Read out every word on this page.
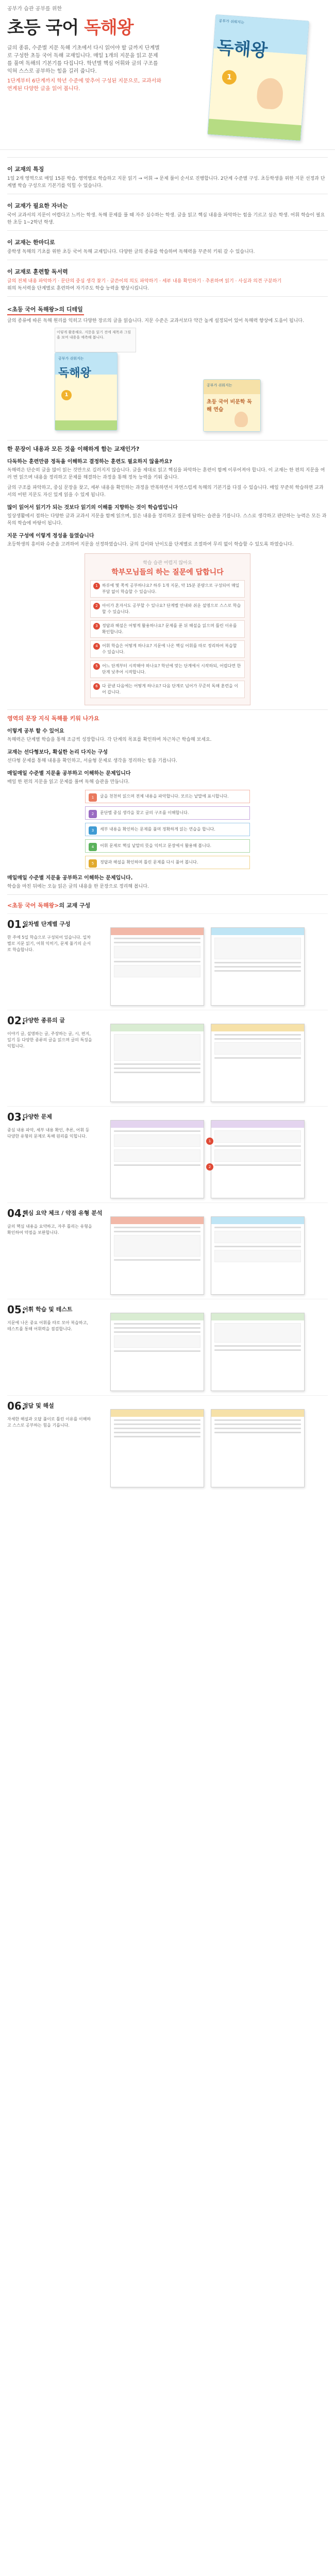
공부가 습관 공부를 위한
초등 국어 독해왕
글의 종류, 수준별 지문 독해 기초에서 다시 읽어야 할 글까지 단계별로 구성한 초등 국어 독해 교재입니다. 매일 1개의 지문을 읽고 문제를 풀며 독해의 기본기를 다집니다. 학년별 핵심 어휘와 글의 구조를 익혀 스스로 공부하는 힘을 길러 줍니다.
1단계부터 6단계까지 학년 수준에 맞추어 구성된 지문으로, 교과서와 연계된 다양한 글을 읽어 봅니다.
공부가 쉬워지는
독해왕
1
이 교재의 특징

1일 2개 영역으로 매일 15분 학습. 영역별로 학습하고 지문 읽기 → 어휘 → 문제 풀이 순서로 진행합니다. 2단계 수준별 구성. 초등학생을 위한 지문 선정과 단계별 학습 구성으로 기본기를 익힐 수 있습니다.

이 교재가 필요한 자녀는

국어 교과서의 지문이 어렵다고 느끼는 학생. 독해 문제를 풀 때 자주 실수하는 학생. 글을 읽고 핵심 내용을 파악하는 힘을 기르고 싶은 학생. 어휘 학습이 필요한 초등 1~2학년 학생.

이 교재는 한마디로

중학생 독해의 기초를 위한 초등 국어 독해 교재입니다. 다양한 글의 종류를 학습하며 독해력을 꾸준히 키워 갈 수 있습니다.

이 교재로 훈련할 독서력

글의 전체 내용 파악하기 · 문단의 중심 생각 찾기 · 글쓴이의 의도 파악하기 · 세부 내용 확인하기 · 추론하며 읽기 · 사실과 의견 구분하기

위의 독서력을 단계별로 훈련하여 자기주도 학습 능력을 향상시킵니다.

<초등 국어 독해왕>의 디테일

글의 종류에 따른 독해 원리를 익히고 다양한 장르의 글을 읽습니다. 지문 수준은 교과서보다 약간 높게 설정되어 있어 독해력 향상에 도움이 됩니다.

이렇게 활용해요. 지문을 읽기 전에 제목과 그림을 보며 내용을 예측해 봅니다.
공부가 쉬워지는
독해왕
1
공부가 쉬워지는
초등 국어 비문학 독해 연습
한 문장이 내용과 모든 것을 이해하게 함는 교재인가?
다독하는 훈련만큼 정독을 이해하고 결정하는 훈련도 필요하지 않을까요?

독해력은 단순히 글을 많이 읽는 것만으로 길러지지 않습니다. 글을 제대로 읽고 핵심을 파악하는 훈련이 함께 이루어져야 합니다. 이 교재는 한 편의 지문을 여러 번 읽으며 내용을 정리하고 문제를 해결하는 과정을 통해 정독 능력을 키워 줍니다.

글의 구조를 파악하고, 중심 문장을 찾고, 세부 내용을 확인하는 과정을 반복하면서 자연스럽게 독해의 기본기를 다질 수 있습니다. 매일 꾸준히 학습하면 교과서의 어떤 지문도 자신 있게 읽을 수 있게 됩니다.

많이 읽어서 읽기가 되는 것보다 읽기의 이해를 지향하는 것이 학습법입니다

일상생활에서 접하는 다양한 글과 교과서 지문을 함께 읽으며, 읽은 내용을 정리하고 질문에 답하는 습관을 기릅니다. 스스로 생각하고 판단하는 능력은 모든 과목의 학습에 바탕이 됩니다.

지문 구성에 이렇게 정성을 들였습니다

초등학생의 흥미와 수준을 고려하여 지문을 선정하였습니다. 글의 길이와 난이도를 단계별로 조절하여 무리 없이 학습할 수 있도록 하였습니다.

학습 습관 어렵지 않아요
학부모님들의 하는 질문에 답합니다
1	하루에 몇 쪽씩 공부하나요? 하루 1개 지문, 약 15분 분량으로 구성되어 매일 부담 없이 학습할 수 있습니다.
2	아이가 혼자서도 공부할 수 있나요? 단계별 안내와 쉬운 설명으로 스스로 학습할 수 있습니다.
3	정답과 해설은 어떻게 활용하나요? 문제를 푼 뒤 해설을 읽으며 틀린 이유를 확인합니다.
4	어휘 학습은 어떻게 하나요? 지문에 나온 핵심 어휘를 따로 정리하여 복습할 수 있습니다.
5	어느 단계부터 시작해야 하나요? 학년에 맞는 단계에서 시작하되, 어렵다면 한 단계 낮추어 시작합니다.
6	다 끝낸 다음에는 어떻게 하나요? 다음 단계로 넘어가 꾸준히 독해 훈련을 이어 갑니다.
영역의 문장 지식 독해를 키워 나가요
이렇게 공부 할 수 있어요

독해력은 단계별 학습을 통해 조금씩 성장합니다. 각 단계의 목표를 확인하며 차근차근 학습해 보세요.

교재는 선다형보다, 확실한 논리 다지는 구성

선다형 문제를 통해 내용을 확인하고, 서술형 문제로 생각을 정리하는 힘을 기릅니다.

매일매일 수준별 지문을 공부하고 이해하는 문제입니다

매일 한 편의 지문을 읽고 문제를 풀며 독해 습관을 만듭니다.

1	글을 천천히 읽으며 전체 내용을 파악합니다. 모르는 낱말에 표시합니다.
2	문단별 중심 생각을 찾고 글의 구조를 이해합니다.
3	세부 내용을 확인하는 문제를 풀며 정확하게 읽는 연습을 합니다.
4	어휘 문제로 핵심 낱말의 뜻을 익히고 문장에서 활용해 봅니다.
5	정답과 해설을 확인하며 틀린 문제를 다시 풀어 봅니다.
매일매일 수준별 지문을 공부하고 이해하는 문제입니다.

학습을 마친 뒤에는 오늘 읽은 글의 내용을 한 문장으로 정리해 봅니다.

<초등 국어 독해왕>의 교재 구성
01.
일차별 단계별 구성
한 주에 5일 학습으로 구성되어 있습니다. 일차별로 지문 읽기, 어휘 익히기, 문제 풀기의 순서로 학습합니다.
02.
다양한 종류의 글
이야기 글, 설명하는 글, 주장하는 글, 시, 편지, 일기 등 다양한 종류의 글을 읽으며 글의 특징을 익힙니다.
03.
다양한 문제
중심 내용 파악, 세부 내용 확인, 추론, 어휘 등 다양한 유형의 문제로 독해 원리를 익힙니다.
1
2
04.
핵심 요약 체크 / 약점 유형 분석
글의 핵심 내용을 요약하고, 자주 틀리는 유형을 확인하여 약점을 보완합니다.
05.
어휘 학습 및 테스트
지문에 나온 중요 어휘를 따로 모아 복습하고, 테스트를 통해 어휘력을 점검합니다.
06.
정답 및 해설
자세한 해설과 오답 풀이로 틀린 이유를 이해하고 스스로 공부하는 힘을 기릅니다.
